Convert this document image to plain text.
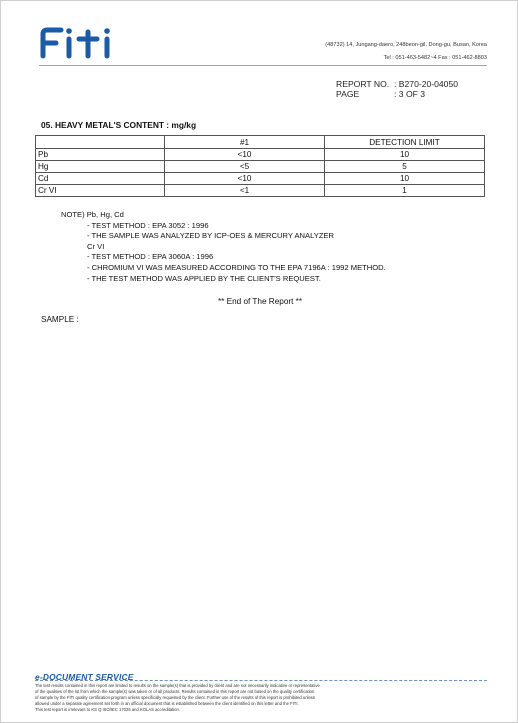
(48732) 14, Jungang-daero, 248beon-gil, Dong-gu, Busan, Korea
Tel : 051-463-5482~4 Fax : 051-462-8803
REPORT NO. : B270-20-04050
PAGE	: 3 OF 3
05. HEAVY METAL'S CONTENT : mg/kg
	#1	DETECTION LIMIT
Pb	<10	10
Hg	<5	5
Cd	<10	10
Cr VI	<1	1
NOTE) Pb, Hg, Cd
- TEST METHOD : EPA 3052 : 1996
- THE SAMPLE WAS ANALYZED BY ICP-OES & MERCURY ANALYZER
Cr VI
- TEST METHOD : EPA 3060A : 1996
- CHROMIUM VI WAS MEASURED ACCORDING TO THE EPA 7196A : 1992 METHOD.
- THE TEST METHOD WAS APPLIED BY THE CLIENT'S REQUEST.
** End of The Report **
SAMPLE :
e-DOCUMENT SERVICE
The test results contained in this report are limited to results on the sample(s) that is provided by client and are not necessarily indicative or representative
of the qualities of the lot from which the sample(s) was taken or of all products. Results contained in this report are not based on the quality certification
of sample by the FITI quality certification program unless specifically requested by the client. Further use of the results of this report is prohibited unless
allowed under a separate agreement set forth in an official document that is established between the client identified on this letter and the FITI.
This test report is irrelevant to KS Q ISO/IEC 17025 and KOLAS accreditation.
